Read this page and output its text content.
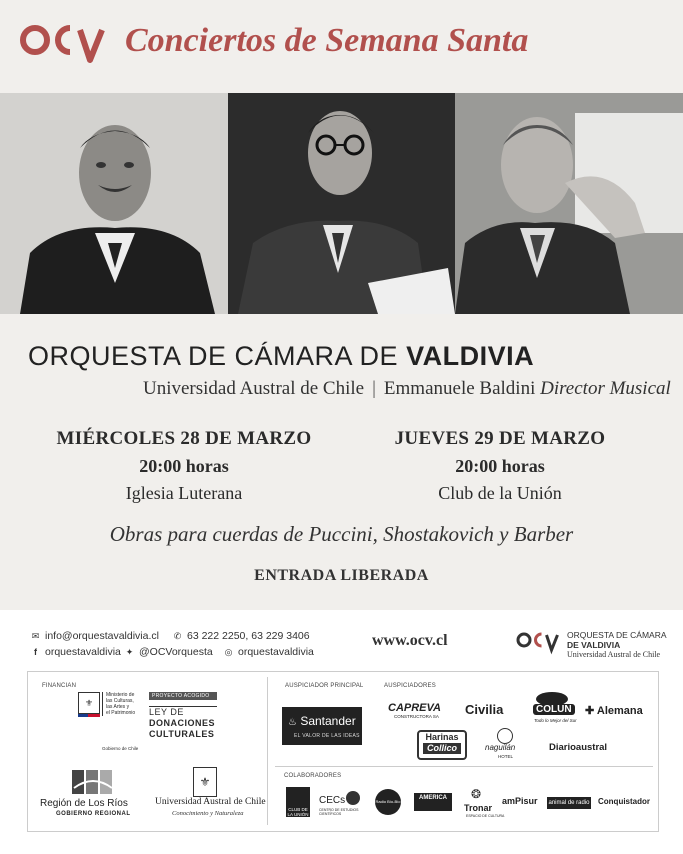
Conciertos de Semana Santa
ORQUESTA DE CÁMARA DE VALDIVIA
Universidad Austral de Chile | Emmanuele Baldini Director Musical
MIÉRCOLES 28 DE MARZO
20:00 horas
Iglesia Luterana
JUEVES 29 DE MARZO
20:00 horas
Club de la Unión
Obras para cuerdas de Puccini, Shostakovich y Barber
ENTRADA LIBERADA
✉ info@orquestavaldivia.cl ✆ 63 222 2250, 63 229 3406
f orquestavaldivia ✦ @OCVorquesta ◎ orquestavaldivia
www.ocv.cl	ORQUESTA DE CÁMARA
DE VALDIVIA
Universidad Austral de Chile
FINANCIAN
⚜
Ministerio de
las Culturas,
las Artes y
el Patrimonio
Gobierno de Chile
PROYECTO ACOGIDO
LEY DE
DONACIONES
CULTURALES
Región de Los Ríos
GOBIERNO REGIONAL
⚜
Universidad Austral de Chile
Conocimiento y Naturaleza
AUSPICIADOR PRINCIPAL	AUSPICIADORES
♨ Santander
EL VALOR DE LAS IDEAS
CAPREVA
CONSTRUCTORA SA Civilia	COLUN
Todo lo Mejor del Sur
✚ Alemana
Harinas
Collico	naguilán
HOTEL
Diarioaustral
COLABORADORES
CLUB DE LA UNIÓN
CECs
CENTRO DE ESTUDIOS CIENTÍFICOS
Radio Bío-Bío
AMERICA	❂
Tronar
ESPACIO DE CULTURA
amPisur animal de radio Conquistador
